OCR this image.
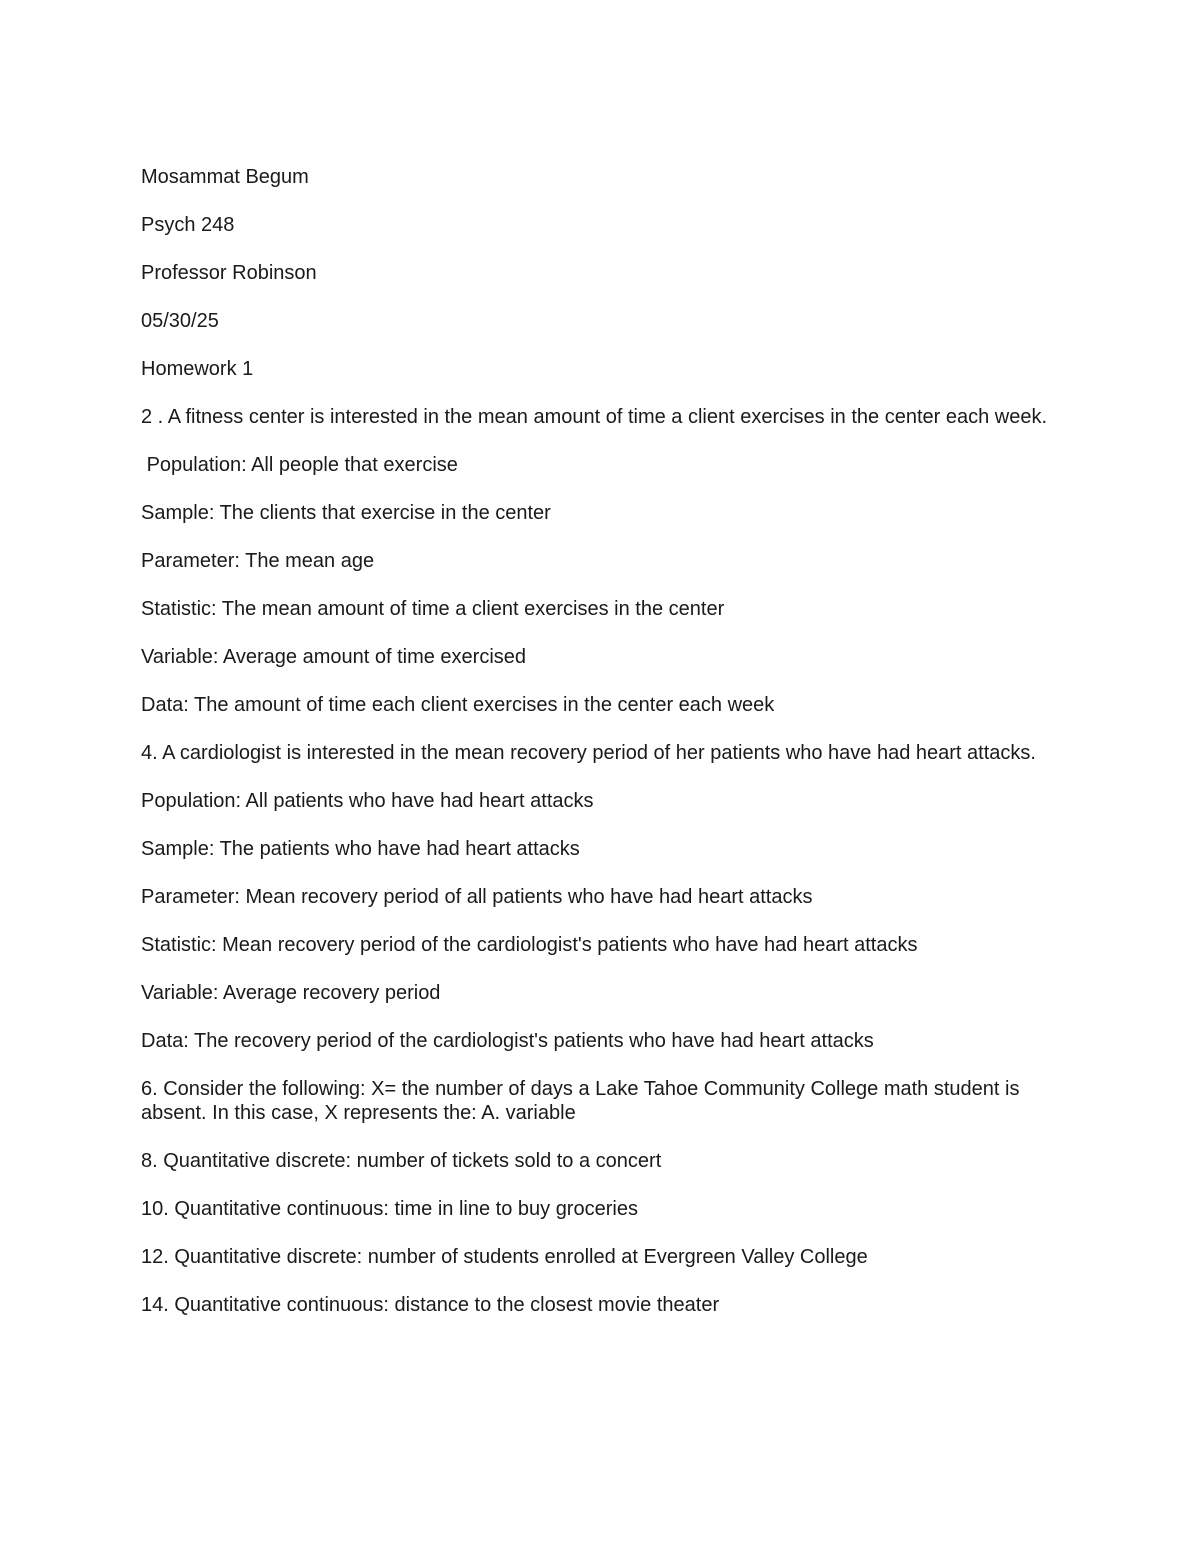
Mosammat Begum

Psych 248

Professor Robinson

05/30/25

Homework 1

2 . A fitness center is interested in the mean amount of time a client exercises in the center each week.

Population: All people that exercise

Sample: The clients that exercise in the center

Parameter: The mean age

Statistic: The mean amount of time a client exercises in the center

Variable: Average amount of time exercised

Data: The amount of time each client exercises in the center each week

4. A cardiologist is interested in the mean recovery period of her patients who have had heart attacks.

Population: All patients who have had heart attacks

Sample: The patients who have had heart attacks

Parameter: Mean recovery period of all patients who have had heart attacks

Statistic: Mean recovery period of the cardiologist's patients who have had heart attacks

Variable: Average recovery period

Data: The recovery period of the cardiologist's patients who have had heart attacks

6. Consider the following: X= the number of days a Lake Tahoe Community College math student is absent. In this case, X represents the: A. variable

8. Quantitative discrete: number of tickets sold to a concert

10. Quantitative continuous: time in line to buy groceries

12. Quantitative discrete: number of students enrolled at Evergreen Valley College

14. Quantitative continuous: distance to the closest movie theater
